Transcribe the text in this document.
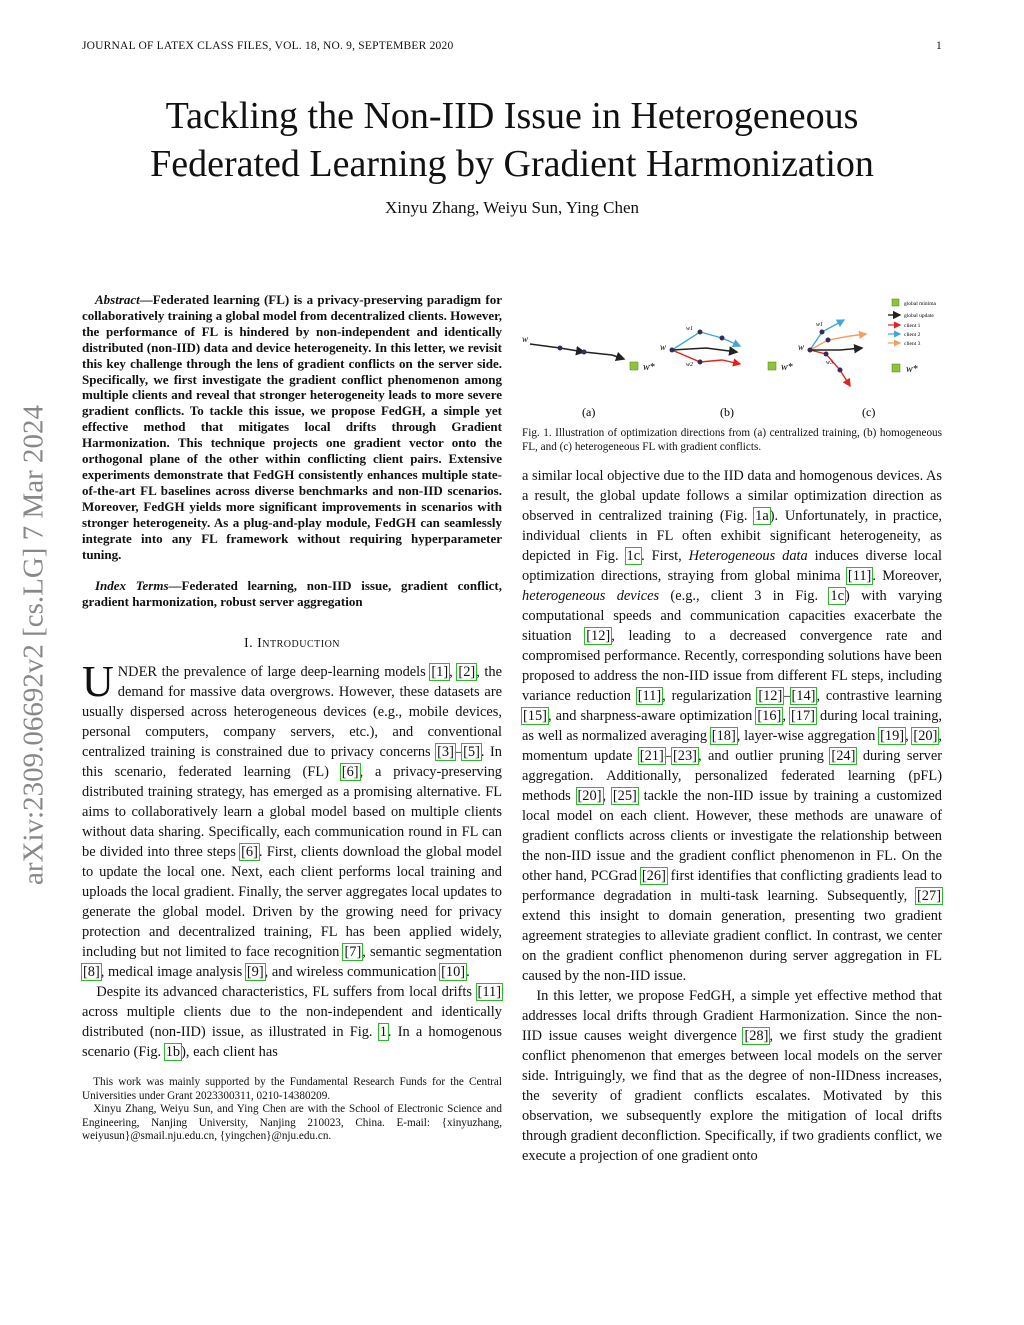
JOURNAL OF LATEX CLASS FILES, VOL. 18, NO. 9, SEPTEMBER 2020	1
Tackling the Non-IID Issue in Heterogeneous
Federated Learning by Gradient Harmonization
Xinyu Zhang, Weiyu Sun, Ying Chen
arXiv:2309.06692v2 [cs.LG] 7 Mar 2024

Abstract—Federated learning (FL) is a privacy-preserving paradigm for collaboratively training a global model from decentralized clients. However, the performance of FL is hindered by non-independent and identically distributed (non-IID) data and device heterogeneity. In this letter, we revisit this key challenge through the lens of gradient conflicts on the server side. Specifically, we first investigate the gradient conflict phenomenon among multiple clients and reveal that stronger heterogeneity leads to more severe gradient conflicts. To tackle this issue, we propose FedGH, a simple yet effective method that mitigates local drifts through Gradient Harmonization. This technique projects one gradient vector onto the orthogonal plane of the other within conflicting client pairs. Extensive experiments demonstrate that FedGH consistently enhances multiple state-of-the-art FL baselines across diverse benchmarks and non-IID scenarios. Moreover, FedGH yields more significant improvements in scenarios with stronger heterogeneity. As a plug-and-play module, FedGH can seamlessly integrate into any FL framework without requiring hyperparameter tuning.

Index Terms—Federated learning, non-IID issue, gradient conflict, gradient harmonization, robust server aggregation

I. Introduction

UNDER the prevalence of large deep-learning models [1], [2], the demand for massive data overgrows. However, these datasets are usually dispersed across heterogeneous devices (e.g., mobile devices, personal computers, company servers, etc.), and conventional centralized training is constrained due to privacy concerns [3]–[5]. In this scenario, federated learning (FL) [6], a privacy-preserving distributed training strategy, has emerged as a promising alternative. FL aims to collaboratively learn a global model based on multiple clients without data sharing. Specifically, each communication round in FL can be divided into three steps [6]. First, clients download the global model to update the local one. Next, each client performs local training and uploads the local gradient. Finally, the server aggregates local updates to generate the global model. Driven by the growing need for privacy protection and decentralized training, FL has been applied widely, including but not limited to face recognition [7], semantic segmentation [8], medical image analysis [9], and wireless communication [10].

Despite its advanced characteristics, FL suffers from local drifts [11] across multiple clients due to the non-independent and identically distributed (non-IID) issue, as illustrated in Fig. 1. In a homogenous scenario (Fig. 1b), each client has

This work was mainly supported by the Fundamental Research Funds for the Central Universities under Grant 2023300311, 0210-14380209.

Xinyu Zhang, Weiyu Sun, and Ying Chen are with the School of Electronic Science and Engineering, Nanjing University, Nanjing 210023, China. E-mail: {xinyuzhang, weiyusun}@smail.nju.edu.cn, {yingchen}@nju.edu.cn.

w
w*
(a)
w1
w
w2	w*
(b)
w1
w
w3
w*
(c)
global minima
global update
client 1
client 2
client 3

Fig. 1. Illustration of optimization directions from (a) centralized training, (b) homogeneous FL, and (c) heterogeneous FL with gradient conflicts.

a similar local objective due to the IID data and homogenous devices. As a result, the global update follows a similar optimization direction as observed in centralized training (Fig. 1a). Unfortunately, in practice, individual clients in FL often exhibit significant heterogeneity, as depicted in Fig. 1c. First, Heterogeneous data induces diverse local optimization directions, straying from global minima [11]. Moreover, heterogeneous devices (e.g., client 3 in Fig. 1c) with varying computational speeds and communication capacities exacerbate the situation [12], leading to a decreased convergence rate and compromised performance. Recently, corresponding solutions have been proposed to address the non-IID issue from different FL steps, including variance reduction [11], regularization [12]–[14], contrastive learning [15], and sharpness-aware optimization [16], [17] during local training, as well as normalized averaging [18], layer-wise aggregation [19], [20], momentum update [21]–[23], and outlier pruning [24] during server aggregation. Additionally, personalized federated learning (pFL) methods [20], [25] tackle the non-IID issue by training a customized local model on each client. However, these methods are unaware of gradient conflicts across clients or investigate the relationship between the non-IID issue and the gradient conflict phenomenon in FL. On the other hand, PCGrad [26] first identifies that conflicting gradients lead to performance degradation in multi-task learning. Subsequently, [27] extend this insight to domain generation, presenting two gradient agreement strategies to alleviate gradient conflict. In contrast, we center on the gradient conflict phenomenon during server aggregation in FL caused by the non-IID issue.

In this letter, we propose FedGH, a simple yet effective method that addresses local drifts through Gradient Harmonization. Since the non-IID issue causes weight divergence [28], we first study the gradient conflict phenomenon that emerges between local models on the server side. Intriguingly, we find that as the degree of non-IIDness increases, the severity of gradient conflicts escalates. Motivated by this observation, we subsequently explore the mitigation of local drifts through gradient deconfliction. Specifically, if two gradients conflict, we execute a projection of one gradient onto
